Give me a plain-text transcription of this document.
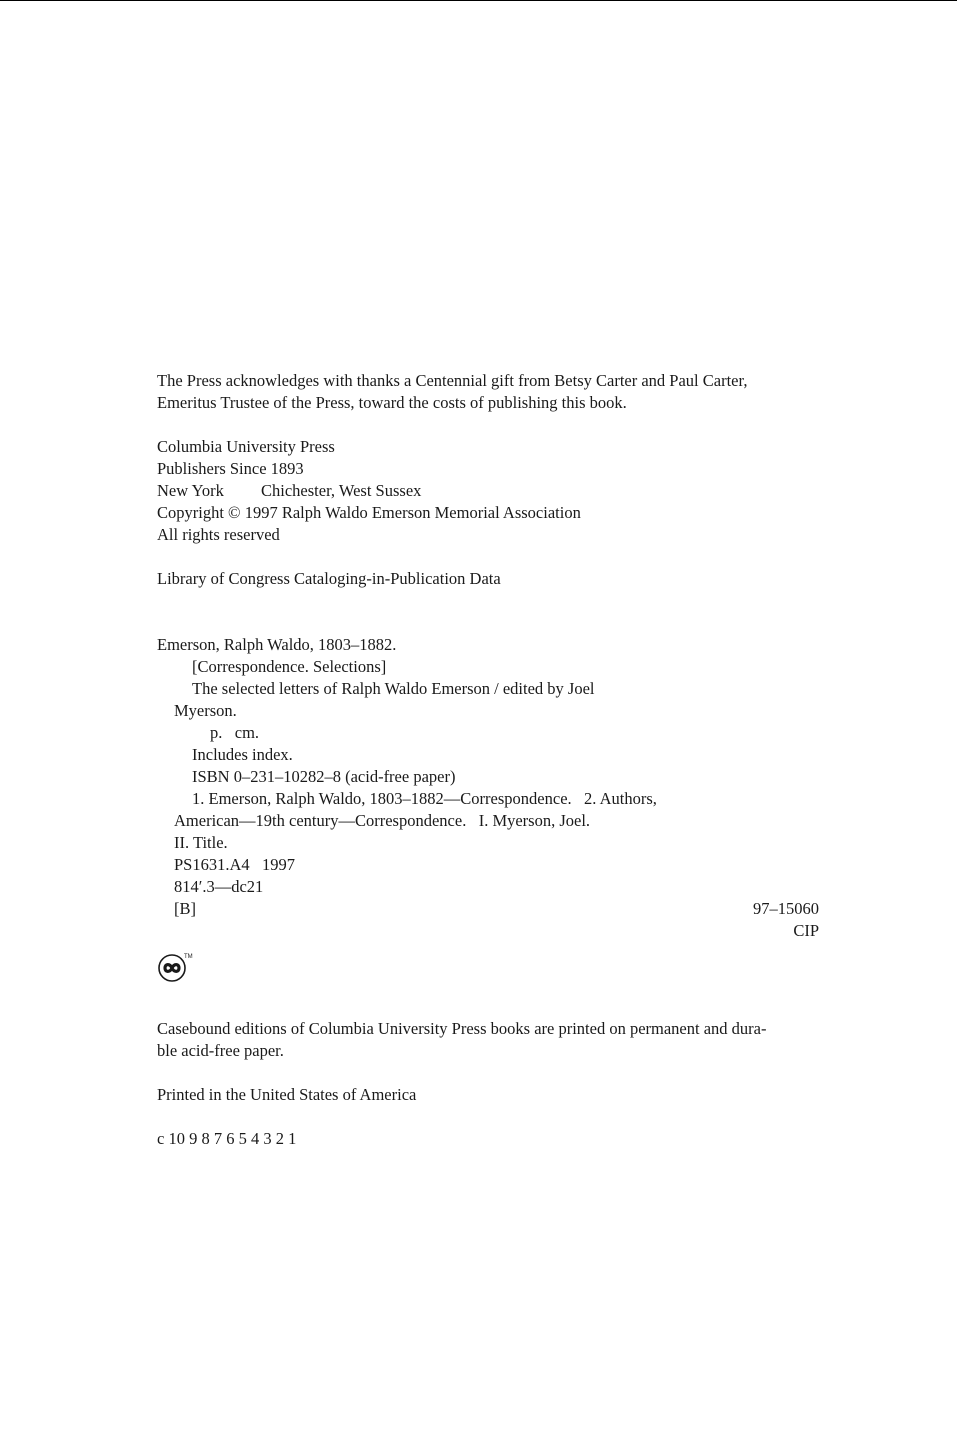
The Press acknowledges with thanks a Centennial gift from Betsy Carter and Paul Carter,
Emeritus Trustee of the Press, toward the costs of publishing this book.
Columbia University Press
Publishers Since 1893
New York Chichester, West Sussex
Copyright © 1997 Ralph Waldo Emerson Memorial Association
All rights reserved
Library of Congress Cataloging-in-Publication Data
Emerson, Ralph Waldo, 1803–1882.
[Correspondence. Selections]
The selected letters of Ralph Waldo Emerson / edited by Joel
Myerson.
p.   cm.
Includes index.
ISBN 0–231–10282–8 (acid-free paper)
1. Emerson, Ralph Waldo, 1803–1882—Correspondence.   2. Authors,
American—19th century—Correspondence.   I. Myerson, Joel.
II. Title.
PS1631.A4   1997
814′.3—dc21
[B]	97–15060
CIP
TM
Casebound editions of Columbia University Press books are printed on permanent and dura-
ble acid-free paper.
Printed in the United States of America
c 10 9 8 7 6 5 4 3 2 1
